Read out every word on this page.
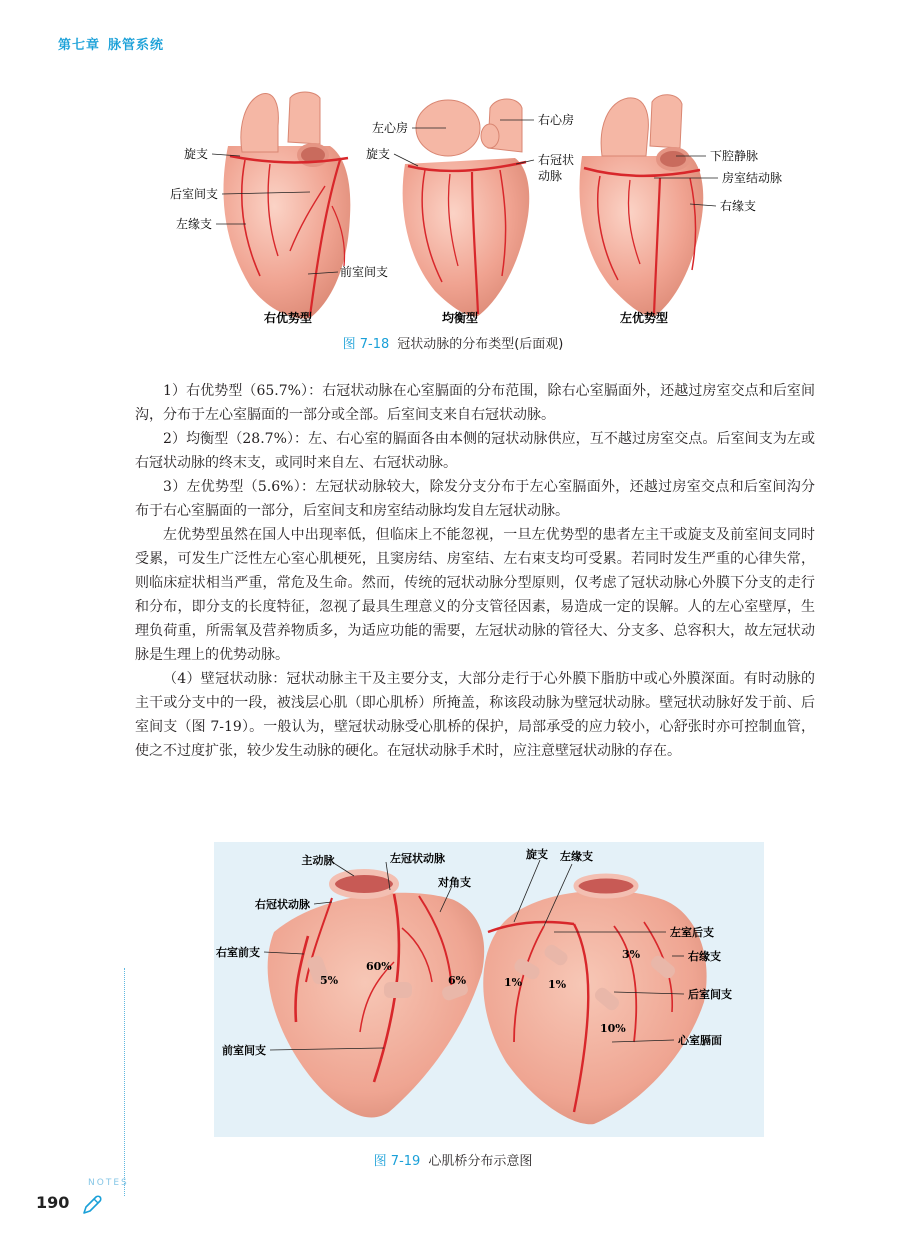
第七章 脉管系统
旋支
后室间支
左缘支
前室间支
右优势型
左心房
旋支
右心房
右冠状
动脉
均衡型
下腔静脉
房室结动脉
右缘支
左优势型
图 7-18 冠状动脉的分布类型(后面观)

1）右优势型（65.7%）：右冠状动脉在心室膈面的分布范围，除右心室膈面外，还越过房室交点和后室间沟，分布于左心室膈面的一部分或全部。后室间支来自右冠状动脉。

2）均衡型（28.7%）：左、右心室的膈面各由本侧的冠状动脉供应，互不越过房室交点。后室间支为左或右冠状动脉的终末支，或同时来自左、右冠状动脉。

3）左优势型（5.6%）：左冠状动脉较大，除发分支分布于左心室膈面外，还越过房室交点和后室间沟分布于右心室膈面的一部分，后室间支和房室结动脉均发自左冠状动脉。

左优势型虽然在国人中出现率低，但临床上不能忽视，一旦左优势型的患者左主干或旋支及前室间支同时受累，可发生广泛性左心室心肌梗死，且窦房结、房室结、左右束支均可受累。若同时发生严重的心律失常，则临床症状相当严重，常危及生命。然而，传统的冠状动脉分型原则，仅考虑了冠状动脉心外膜下分支的走行和分布，即分支的长度特征，忽视了最具生理意义的分支管径因素，易造成一定的误解。人的左心室壁厚，生理负荷重，所需氧及营养物质多，为适应功能的需要，左冠状动脉的管径大、分支多、总容积大，故左冠状动脉是生理上的优势动脉。

（4）壁冠状动脉：冠状动脉主干及主要分支，大部分走行于心外膜下脂肪中或心外膜深面。有时动脉的主干或分支中的一段，被浅层心肌（即心肌桥）所掩盖，称该段动脉为壁冠状动脉。壁冠状动脉好发于前、后室间支（图 7-19）。一般认为，壁冠状动脉受心肌桥的保护，局部承受的应力较小，心舒张时亦可控制血管，使之不过度扩张，较少发生动脉的硬化。在冠状动脉手术时，应注意壁冠状动脉的存在。

主动脉	左冠状动脉	旋支 左缘支
右冠状动脉
对角支
左室后支
右室前支	右缘支
后室间支
前室间支
心室膈面
5%
60%
6%	1% 1%
3%
10%
图 7-19 心肌桥分布示意图
NOTES
190
